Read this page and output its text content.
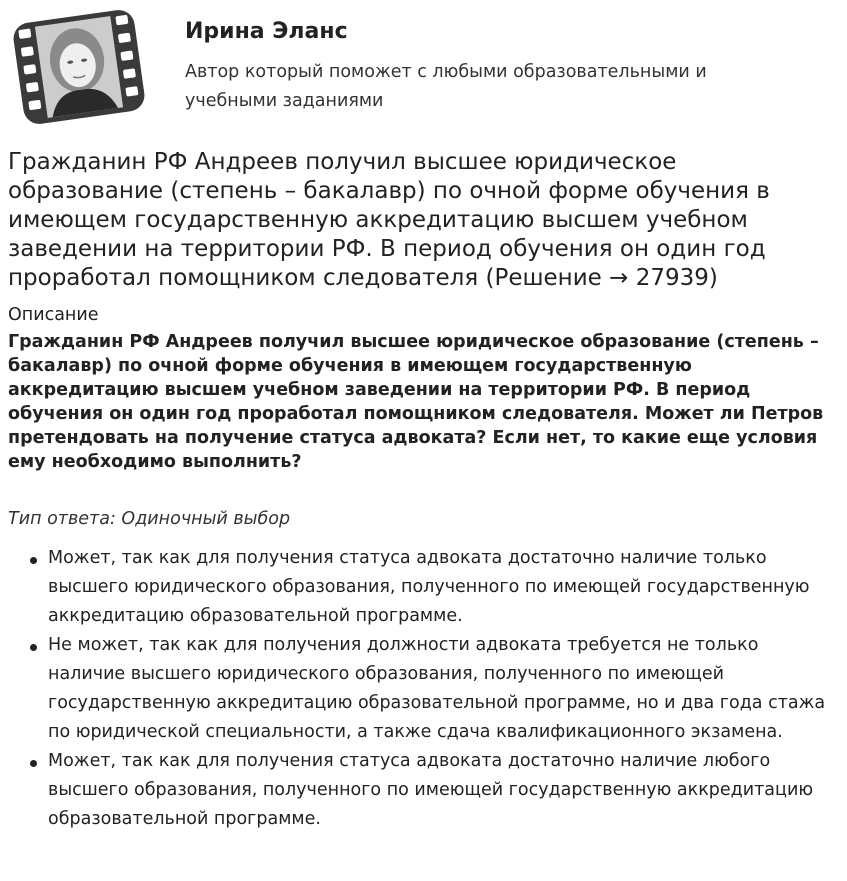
Ирина Эланс
Автор который поможет с любыми образовательными и учебными заданиями
Гражданин РФ Андреев получил высшее юридическое образование (степень – бакалавр) по очной форме обучения в имеющем государственную аккредитацию высшем учебном заведении на территории РФ. В период обучения он один год проработал помощником следователя (Решение → 27939)
Описание
Гражданин РФ Андреев получил высшее юридическое образование (степень – бакалавр) по очной форме обучения в имеющем государственную аккредитацию высшем учебном заведении на территории РФ. В период обучения он один год проработал помощником следователя. Может ли Петров претендовать на получение статуса адвоката? Если нет, то какие еще условия ему необходимо выполнить?
Тип ответа: Одиночный выбор
Может, так как для получения статуса адвоката достаточно наличие только высшего юридического образования, полученного по имеющей государственную аккредитацию образовательной программе.
Не может, так как для получения должности адвоката требуется не только наличие высшего юридического образования, полученного по имеющей государственную аккредитацию образовательной программе, но и два года стажа по юридической специальности, а также сдача квалификационного экзамена.
Может, так как для получения статуса адвоката достаточно наличие любого высшего образования, полученного по имеющей государственную аккредитацию образовательной программе.
